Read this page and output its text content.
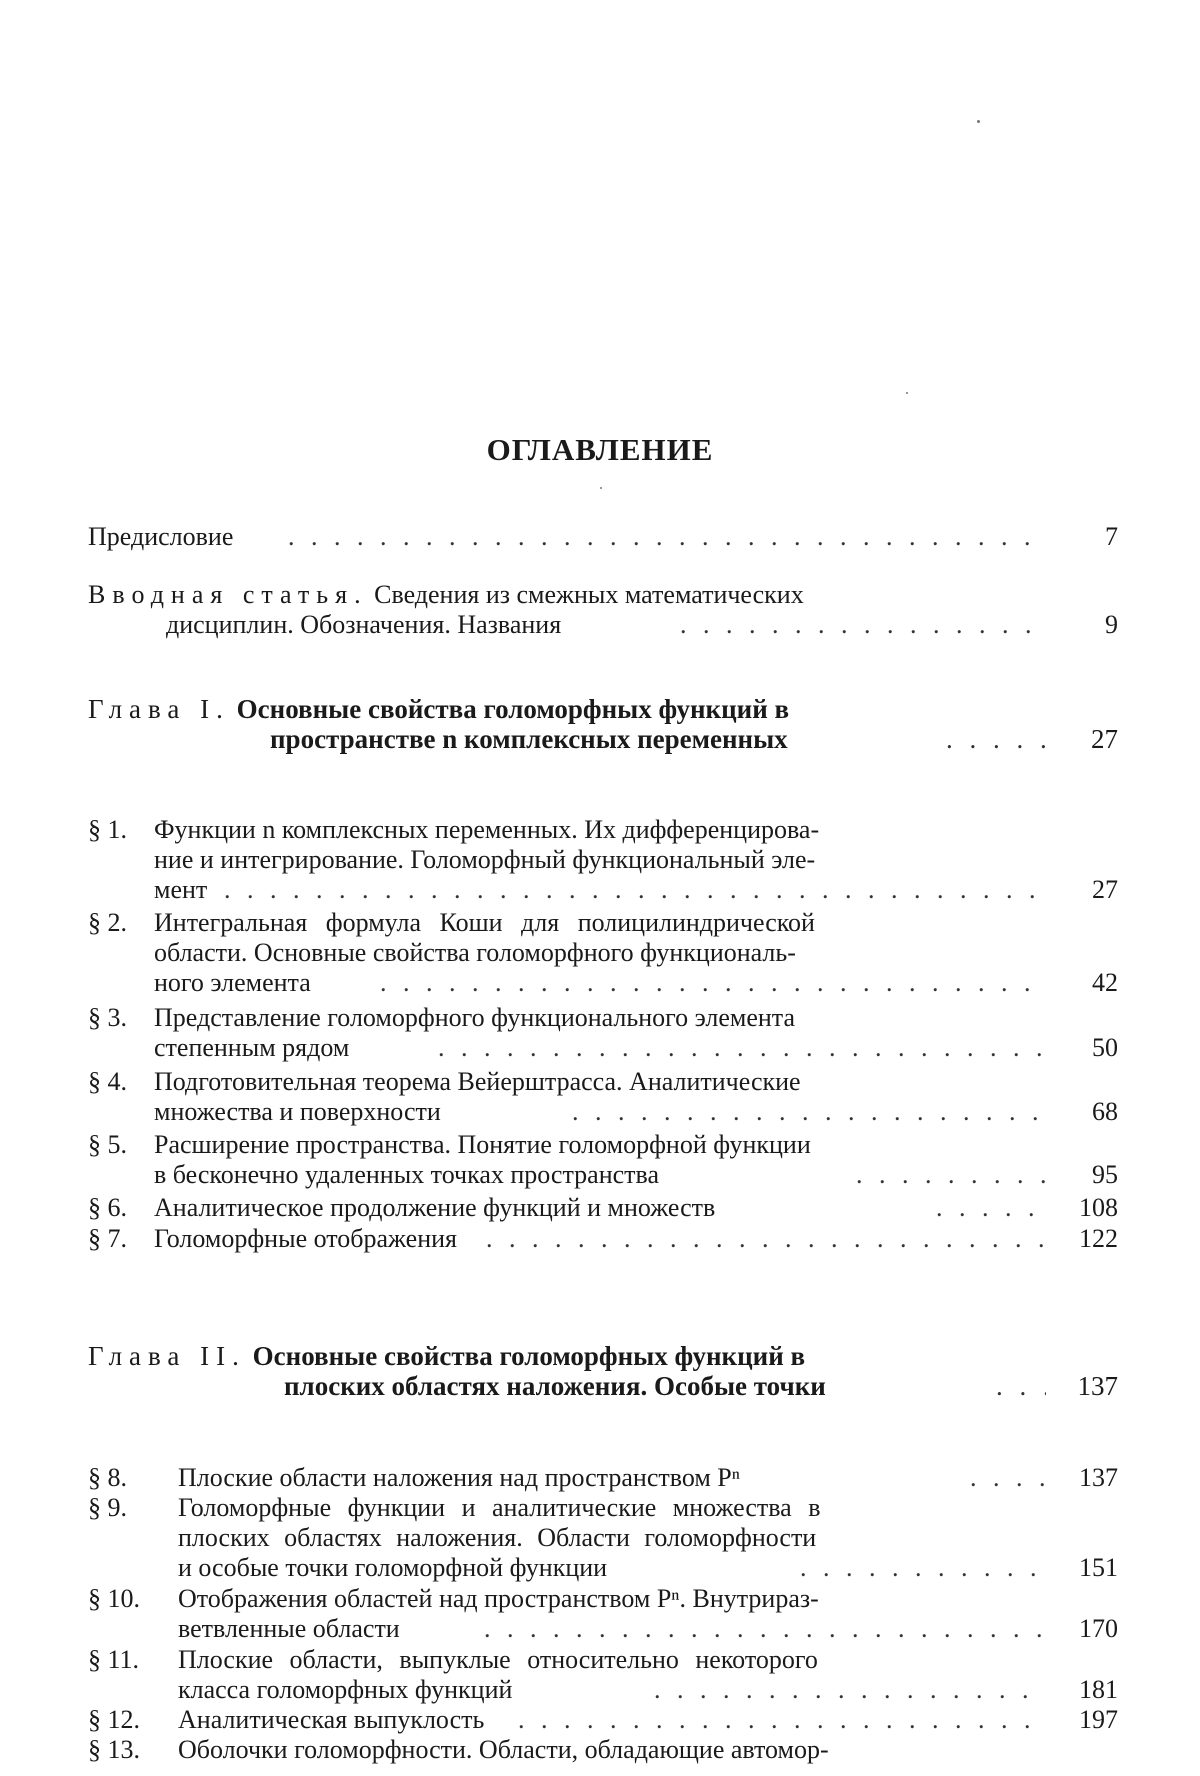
ОГЛАВЛЕНИЕ
Предисловие . . . . . . . . . . . . . . . . . . . . . . . . . . . . . . . . .	7
Вводная статья. Сведения из смежных математических
дисциплин. Обозначения. Названия	. . . . . . . . . . . . . . . .	9
Глава I. Основные свойства голоморфных функций в
пространстве n комплексных переменных	. . . .	27
§ 1. Функции n комплексных переменных. Их дифференцирова-
ние и интегрирование. Голоморфный функциональный эле-
мент . . . . . . . . . . . . . . . . . . . . . . . . . . . . . . . . . . . .	27
§ 2. Интегральная формула Коши для полицилиндрической
области. Основные свойства голоморфного функциональ-
ного элемента	. . . . . . . . . . . . . . . . . . . . . . . . . . . . .	42
§ 3. Представление голоморфного функционального элемента
степенным рядом	. . . . . . . . . . . . . . . . . . . . . . . . . .	50
§ 4. Подготовительная теорема Вейерштрасса. Аналитические
множества и поверхности	. . . . . . . . . . . . . . . . . . . . .	68
§ 5. Расширение пространства. Понятие голоморфной функции
в бесконечно удаленных точках пространства	. . . . . . . .	95
§ 6. Аналитическое продолжение функций и множеств	. . . . .	108
§ 7. Голоморфные отображения . . . . . . . . . . . . . . . . . . . . . . . .	122
Глава II. Основные свойства голоморфных функций в
плоских областях наложения. Особые точки	. .	137
§ 8. Плоские области наложения над пространством Pⁿ	. . .	137
§ 9. Голоморфные функции и аналитические множества в
плоских областях наложения. Области голоморфности
и особые точки голоморфной функции	. . . . . . . . . . .	151
§ 10. Отображения областей над пространством Pⁿ. Внутрираз-
ветвленные области	. . . . . . . . . . . . . . . . . . . . . . . .	170
§ 11. Плоские области, выпуклые относительно некоторого
класса голоморфных функций	. . . . . . . . . . . . . . . . .	181
§ 12. Аналитическая выпуклость . . . . . . . . . . . . . . . . . . . . . . .	197
§ 13. Оболочки голоморфности. Области, обладающие автомор-
